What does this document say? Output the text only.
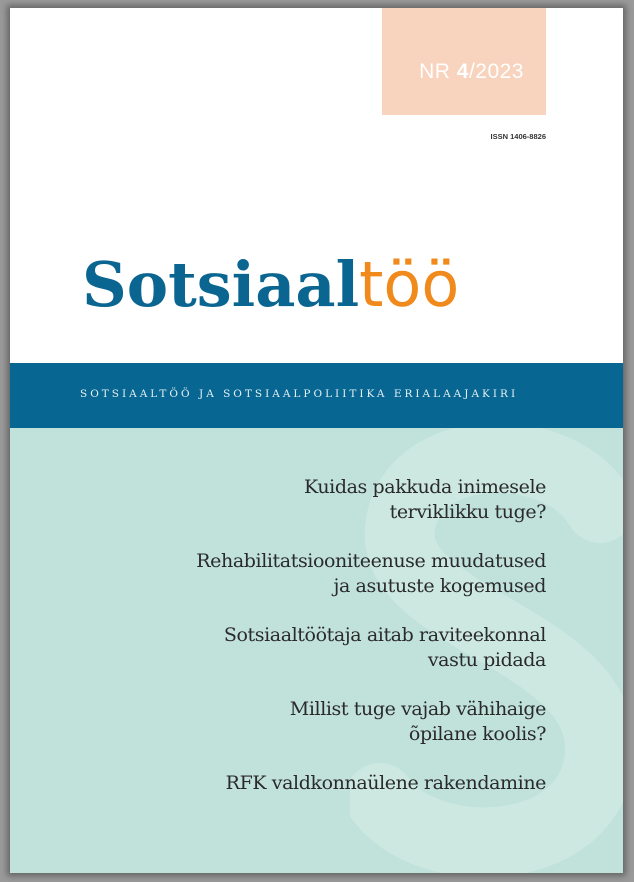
NR 4/2023
ISSN 1406-8826
Sotsiaaltöö
SOTSIAALTÖÖ JA SOTSIAALPOLIITIKA ERIALAAJAKIRI
Kuidas pakkuda inimesele
terviklikku tuge?
Rehabilitatsiooniteenuse muudatused
ja asutuste kogemused
Sotsiaaltöötaja aitab raviteekonnal
vastu pidada
Millist tuge vajab vähihaige
õpilane koolis?
RFK valdkonnaülene rakendamine
